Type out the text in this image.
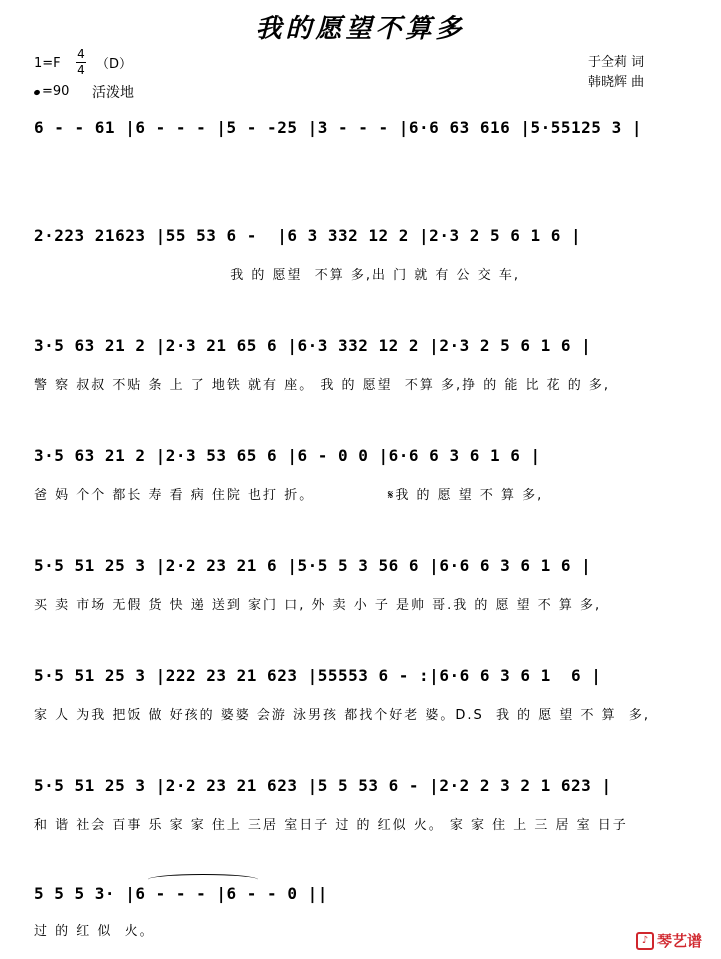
我的愿望不算多
1=F
4
4 （D）
=90 活泼地
于全莉 词
韩晓辉 曲
6 - - 61 |6 - - - |5 - -25 |3 - - - |6·6 63 616 |5·55125 3 |
2·223 21623 |55 53 6 -  |6 3 332 12 2 |2·3 2 5 6 1 6 |
我 的 愿望  不算 多,出 门 就 有 公 交 车,
3·5 63 21 2 |2·3 21 65 6 |6·3 332 12 2 |2·3 2 5 6 1 6 |
警 察 叔叔 不贴 条 上 了 地铁 就有 座。 我 的 愿望  不算 多,挣 的 能 比 花 的 多,
3·5 63 21 2 |2·3 53 65 6 |6 - 0 0 |6·6 6 3 6 1 6 |
爸 妈 个个 都长 寿 看 病 住院 也打 折。            𝄋我 的 愿 望 不 算 多,
5·5 51 25 3 |2·2 23 21 6 |5·5 5 3 56 6 |6·6 6 3 6 1 6 |
买 卖 市场 无假 货 快 递 送到 家门 口, 外 卖 小 子 是帅 哥.我 的 愿 望 不 算 多,
5·5 51 25 3 |222 23 21 623 |55553 6 - :|6·6 6 3 6 1  6 |
家 人 为我 把饭 做 好孩的 婆婆 会游 泳男孩 都找个好老 婆。D.S  我 的 愿 望 不 算  多,
5·5 51 25 3 |2·2 23 21 623 |5 5 53 6 - |2·2 2 3 2 1 623 |
和 谐 社会 百事 乐 家 家 住上 三居 室日子 过 的 红似 火。 家 家 住 上 三 居 室 日子
5 5 5 3· |6 - - - |6 - - 0 ||
过 的 红 似  火。
♪ 琴艺谱
